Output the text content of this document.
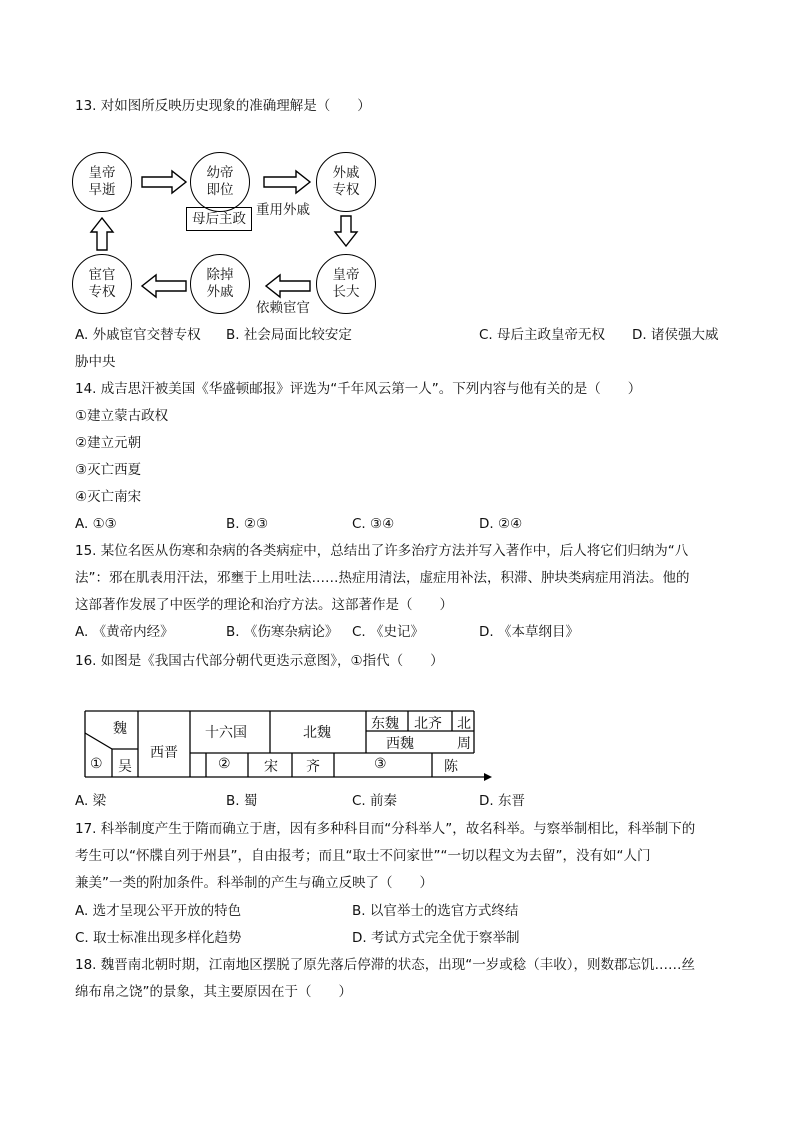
13. 对如图所反映历史现象的准确理解是（　　）
皇帝
早逝
幼帝
即位
外戚
专权
皇帝
长大
除掉
外戚
宦官
专权
母后主政
重用外戚
依赖宦官
A. 外戚宦官交替专权 B. 社会局面比较安定	C. 母后主政皇帝无权 D. 诸侯强大威
胁中央
14. 成吉思汗被美国《华盛顿邮报》评选为“千年风云第一人”。下列内容与他有关的是（　　）
①建立蒙古政权
②建立元朝
③灭亡西夏
④灭亡南宋
A. ①③	B. ②③	C. ③④	D. ②④
15. 某位名医从伤寒和杂病的各类病症中，总结出了许多治疗方法并写入著作中，后人将它们归纳为“八
法”：邪在肌表用汗法，邪壅于上用吐法……热症用清法，虚症用补法，积滞、肿块类病症用消法。他的
这部著作发展了中医学的理论和治疗方法。这部著作是（　　）
A. 《黄帝内经》	B. 《伤寒杂病论》 C. 《史记》	D. 《本草纲目》
16. 如图是《我国古代部分朝代更迭示意图》，①指代（　　）
魏
① 吴
西晋
十六国
②
北魏
宋 齐	③
东魏 北齐
西魏
北
周
陈
A. 梁	B. 蜀	C. 前秦	D. 东晋
17. 科举制度产生于隋而确立于唐，因有多种科目而“分科举人”，故名科举。与察举制相比，科举制下的
考生可以“怀牒自列于州县”，自由报考；而且“取士不问家世”“一切以程文为去留”，没有如“人门
兼美”一类的附加条件。科举制的产生与确立反映了（　　）
A. 选才呈现公平开放的特色	B. 以官举士的选官方式终结
C. 取士标准出现多样化趋势	D. 考试方式完全优于察举制
18. 魏晋南北朝时期，江南地区摆脱了原先落后停滞的状态，出现“一岁或稔（丰收），则数郡忘饥……丝
绵布帛之饶”的景象，其主要原因在于（　　）
